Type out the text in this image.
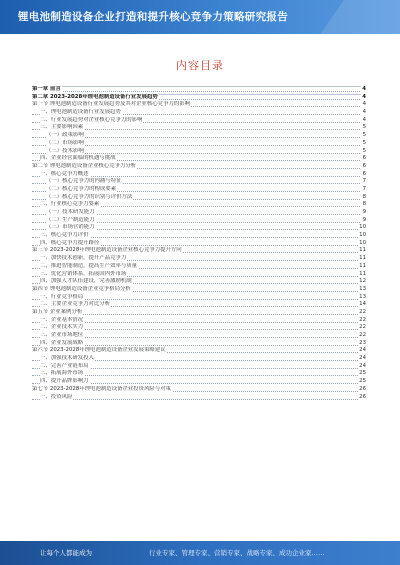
锂电池制造设备企业打造和提升核心竞争力策略研究报告
内容目录
第一章 前言	4
第二章 2023-2028年锂电池制造设备行业发展趋势	4
第一节 锂电池制造设备行业发展趋势及其对企业核心竞争力的影响	4
一、锂电池制造设备行业发展趋势	4
二、行业发展趋势对企业核心竞争力的影响	4
三、主要影响因素	5
（一）政策影响	5
（二）市场影响	5
（三）技术影响	5
四、企业经营面临的机遇与挑战	6
第二节 锂电池制造设备企业核心竞争力分析	6
一、核心竞争力概述	6
（一）核心竞争力的内涵与特征	7
（二）核心竞争力的构成要素	7
（三）核心竞争力的识别与评价方法	8
二、行业核心竞争力要素	8
（一）技术研发能力	9
（二）生产制造能力	9
（三）市场营销能力	10
三、核心竞争力评价	10
四、核心竞争力提升路径	10
第三节 2023-2028年锂电池制造设备企业核心竞争力提升方向	11
一、加快技术创新，提升产品竞争力	11
二、推进智能制造，提高生产效率与质量	11
三、优化营销体系，拓展国内外市场	11
四、加强人才队伍建设，完善激励机制	12
第四节 锂电池制造设备企业竞争格局分析	13
一、行业竞争格局	13
二、主要企业竞争力对比分析	14
第五节 企业案例分析	22
一、企业基本情况	22
二、企业技术实力	22
三、企业市场地位	22
四、企业发展战略	23
第六节 2023-2028年锂电池制造设备企业发展策略建议	24
一、加强技术研发投入	24
二、完善产业链布局	24
三、拓展海外市场	25
四、提升品牌影响力	25
第七节 2023-2028年锂电池制造设备企业投资风险与对策	26
一、投资风险	26
让每个人都能成为	行业专家、管理专家、营销专家、战略专家、成功企业家……
